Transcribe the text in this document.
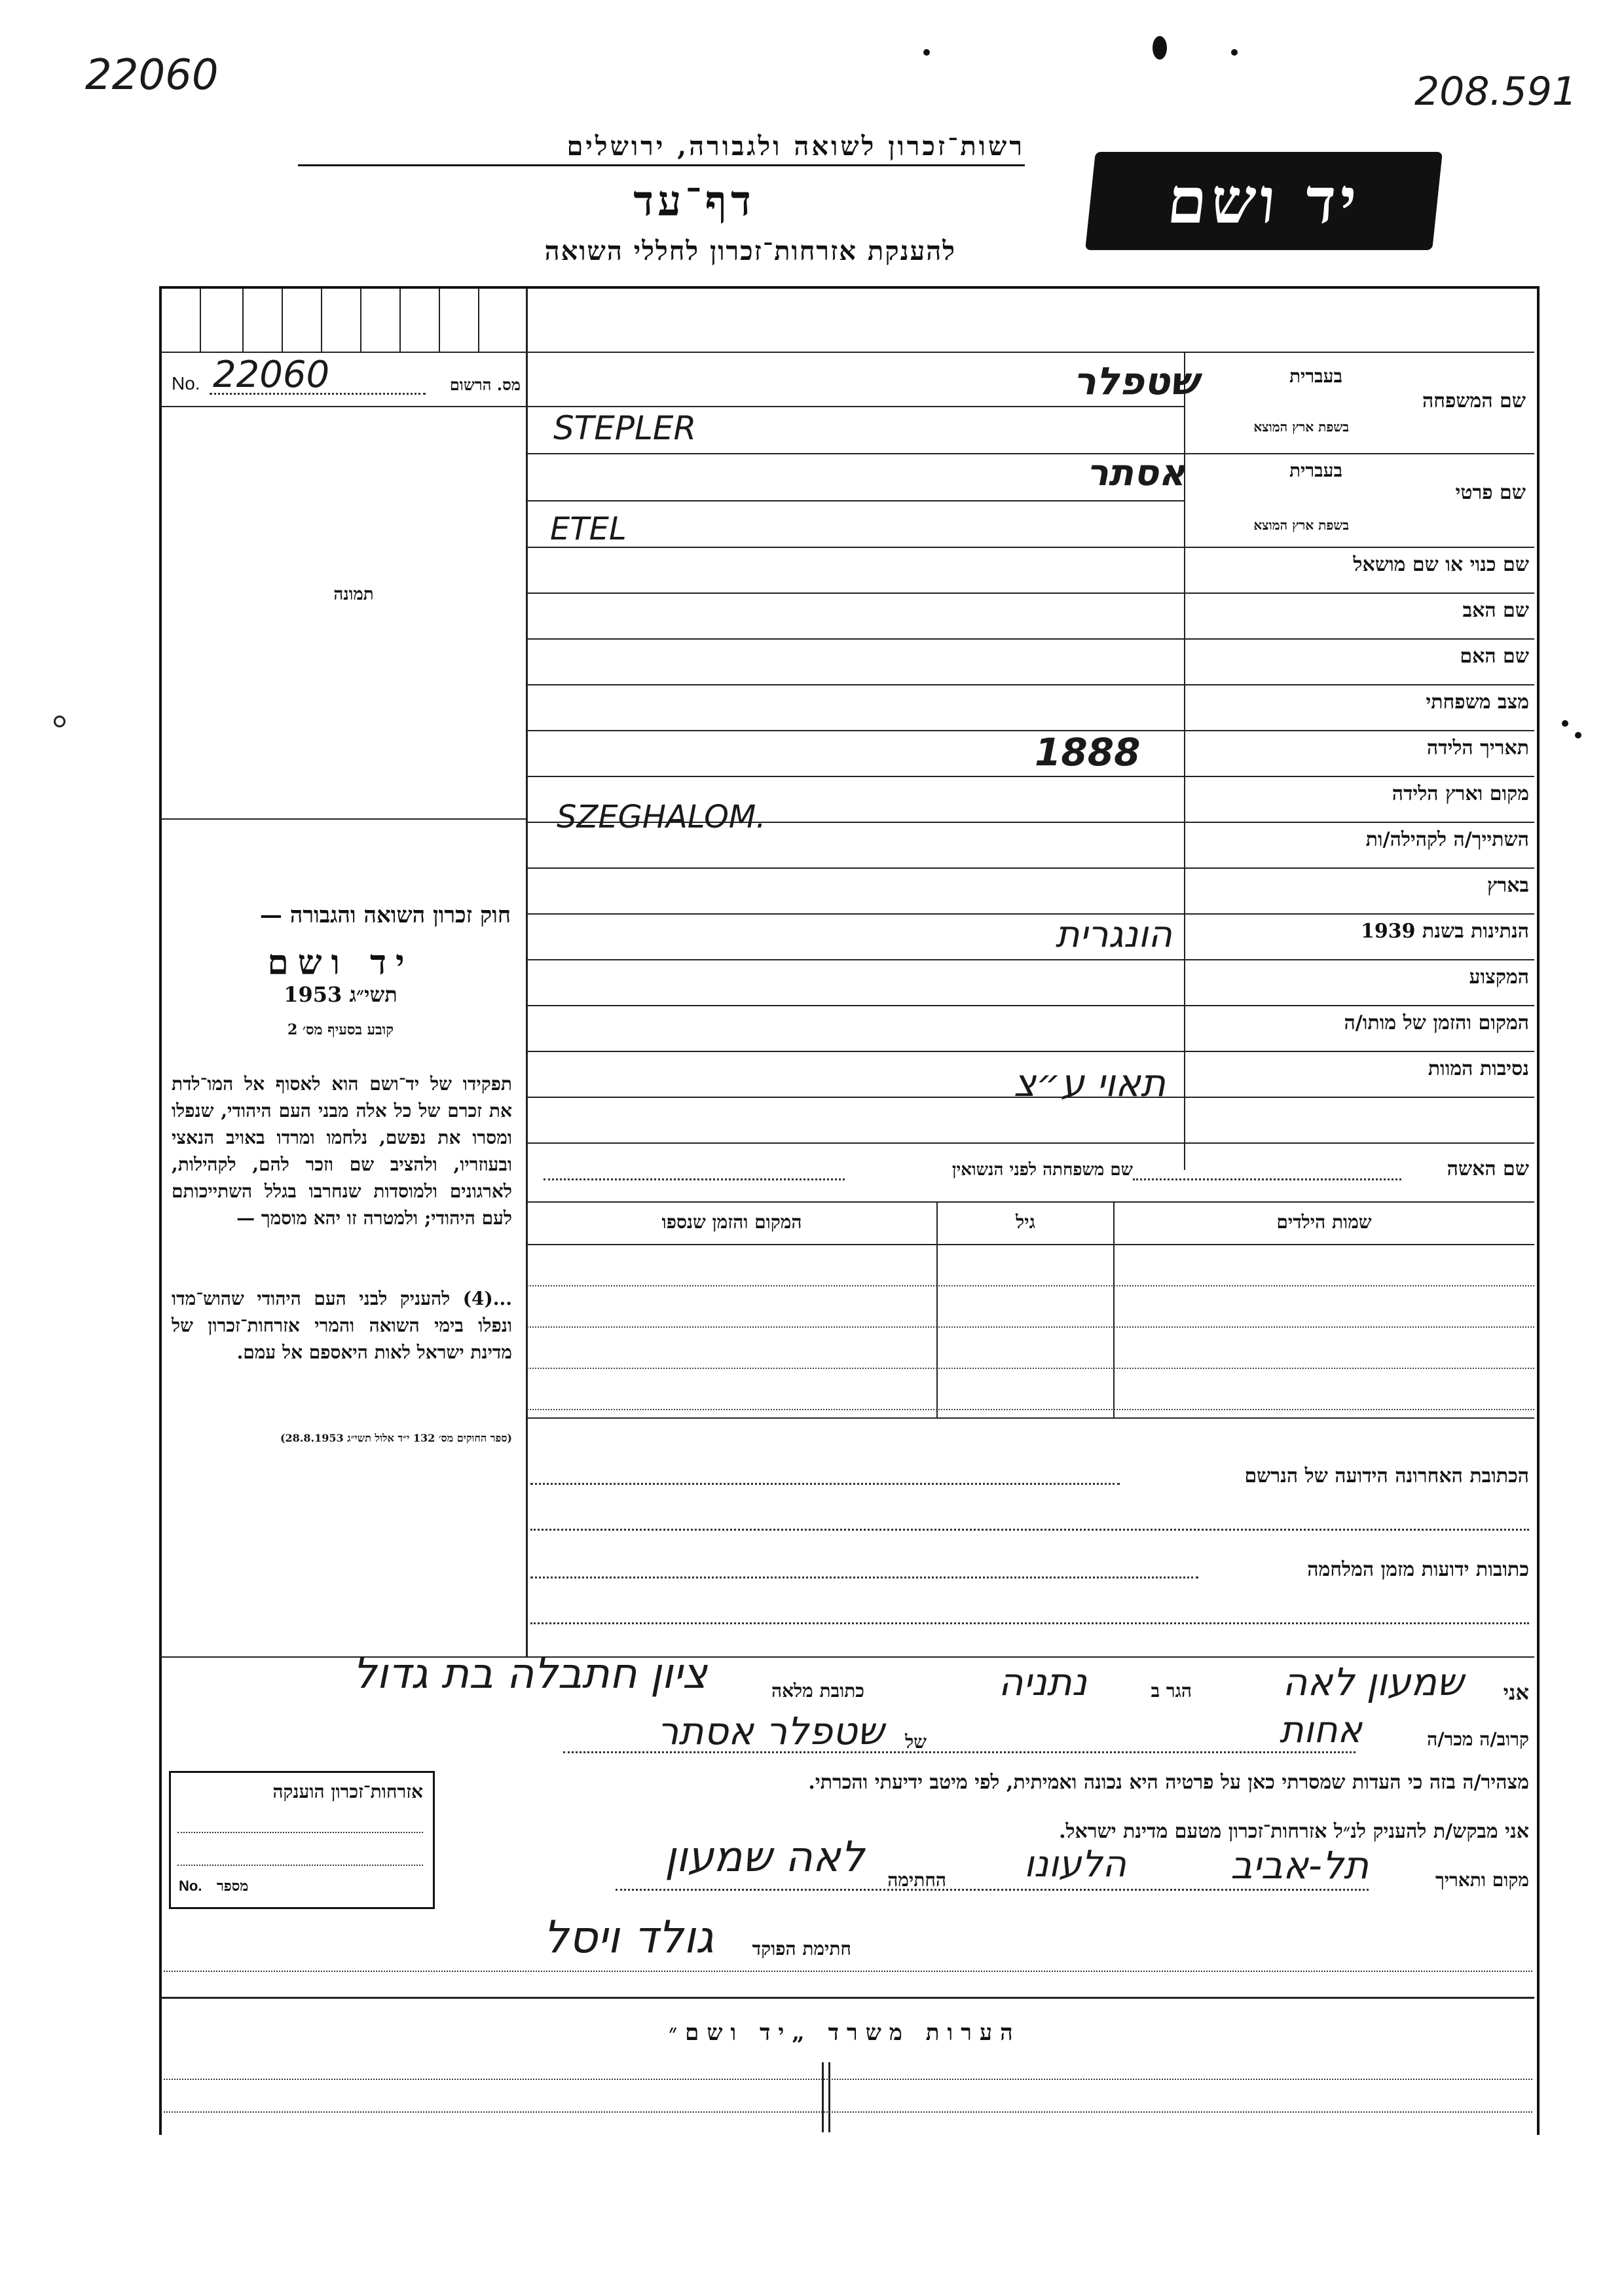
22060	208.591
רשות־זכרון לשואה ולגבורה, ירושלים
דף־עד
להענקת אזרחות־זכרון לחללי השואה
יד ושם
No. 22060	מס. הרשום
תמונה
חוק זכרון השואה והגבורה —
יד ושם
תשי״ג 1953
קובע בסעיף מס׳ 2
תפקידו של יד־ושם הוא לאסוף אל המו־לדת את זכרם של כל אלה מבני העם היהודי, שנפלו ומסרו את נפשם, נלחמו ומרדו באויב הנאצי ובעוזריו, ולהציב שם וזכר להם, לקהילות, לארגונים ולמוסדות שנחרבו בגלל השתייכותם לעם היהודי; ולמטרה זו יהא מוסמך —
...(4) להעניק לבני העם היהודי שהוש־מדו ונפלו בימי השואה והמרי אזרחות־זכרון של מדינת ישראל לאות היאספם אל עמם.
(ספר החוקים מס׳ 132 י״ד אלול תשי״ג 28.8.1953)
בעברית
שם המשפחה
בשפת ארץ המוצא
שטפלר
STEPLER
בעברית
שם פרטי
בשפת ארץ המוצא
אסתר
ETEL
שם כנוי או שם מושאל
שם האב
שם האם
מצב משפחתי
תאריך הלידה
1888
מקום וארץ הלידה
SZEGHALOM.
השתייך/ה לקהילה/ות
בארץ
הנתינות בשנת 1939
הונגרית
המקצוע
המקום והזמן של מותו/ה
נסיבות המוות
תאוי ע״צ
שם האשה
שם משפחתה לפני הנשואין
שמות הילדים
גיל
המקום והזמן שנספו
הכתובת האחרונה הידועה של הנרשם
כתובות ידועות מזמן המלחמה
אני
שמעון לאה
הגר ב
נתניה
כתובת מלאה
ציון חתבלה בת גדול
קרוב/ה מכר/ה
אחות
של
שטפלר אסתר
מצהיר/ה בזה כי העדות שמסרתי כאן על פרטיה היא נכונה ואמיתית, לפי מיטב ידיעתי והכרתי.
אני מבקש/ת להעניק לנ״ל אזרחות־זכרון מטעם מדינת ישראל.
מקום ותאריך
תל-אביב
הלעונו
החתימה
לאה שמעון
חתימת הפוקד
גולד ויסל
אזרחות־זכרון הוענקה
No. מספר
הערות משרד „יד ושם״
